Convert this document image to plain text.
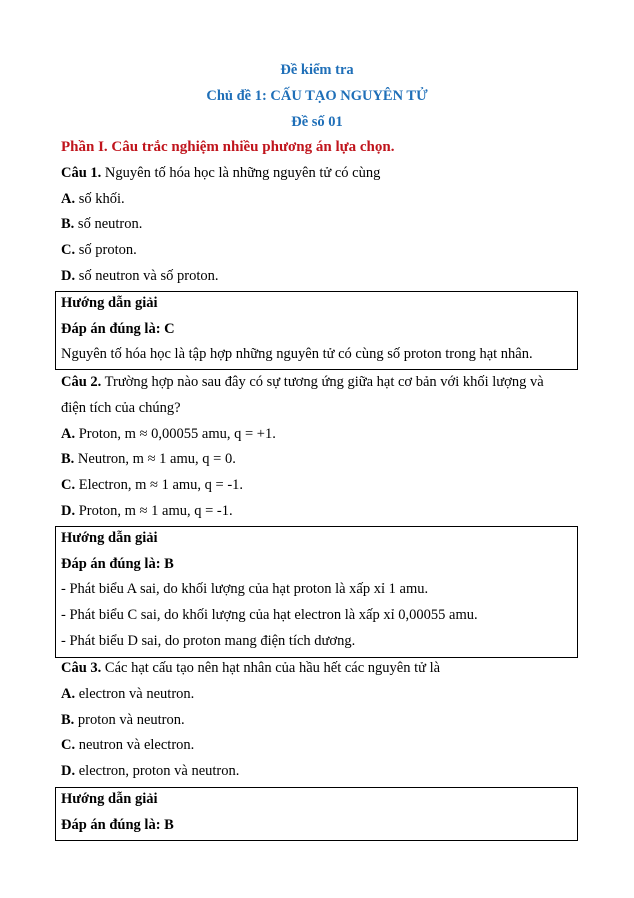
Đề kiểm tra
Chủ đề 1: CẤU TẠO NGUYÊN TỬ
Đề số 01
Phần I. Câu trắc nghiệm nhiều phương án lựa chọn.
Câu 1. Nguyên tố hóa học là những nguyên tử có cùng
A. số khối.
B. số neutron.
C. số proton.
D. số neutron và số proton.
Hướng dẫn giải
Đáp án đúng là: C
Nguyên tố hóa học là tập hợp những nguyên tử có cùng số proton trong hạt nhân.
Câu 2. Trường hợp nào sau đây có sự tương ứng giữa hạt cơ bản với khối lượng và
điện tích của chúng?
A. Proton, m ≈ 0,00055 amu, q = +1.
B. Neutron, m ≈ 1 amu, q = 0.
C. Electron, m ≈ 1 amu, q = -1.
D. Proton, m ≈ 1 amu, q = -1.
Hướng dẫn giải
Đáp án đúng là: B
- Phát biểu A sai, do khối lượng của hạt proton là xấp xỉ 1 amu.
- Phát biểu C sai, do khối lượng của hạt electron là xấp xỉ 0,00055 amu.
- Phát biểu D sai, do proton mang điện tích dương.
Câu 3. Các hạt cấu tạo nên hạt nhân của hầu hết các nguyên tử là
A. electron và neutron.
B. proton và neutron.
C. neutron và electron.
D. electron, proton và neutron.
Hướng dẫn giải
Đáp án đúng là: B
